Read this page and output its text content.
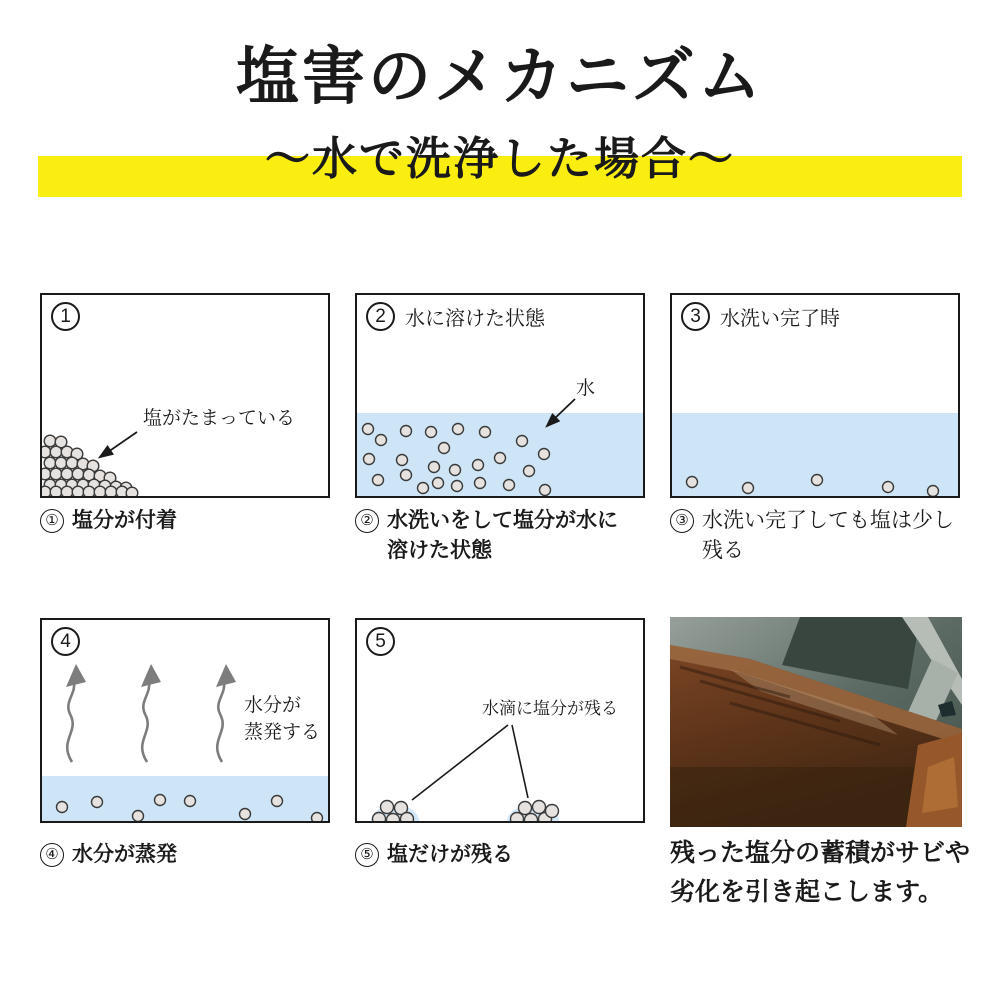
塩害のメカニズム
〜水で洗浄した場合〜
1
塩がたまっている
2 水に溶けた状態
水
3 水洗い完了時
4
水分が
蒸発する
5
水滴に塩分が残る
① 塩分が付着	② 水洗いをして塩分が水に
溶けた状態
③ 水洗い完了しても塩は少し
残る
④ 水分が蒸発	⑤ 塩だけが残る	残った塩分の蓄積がサビや
劣化を引き起こします。
